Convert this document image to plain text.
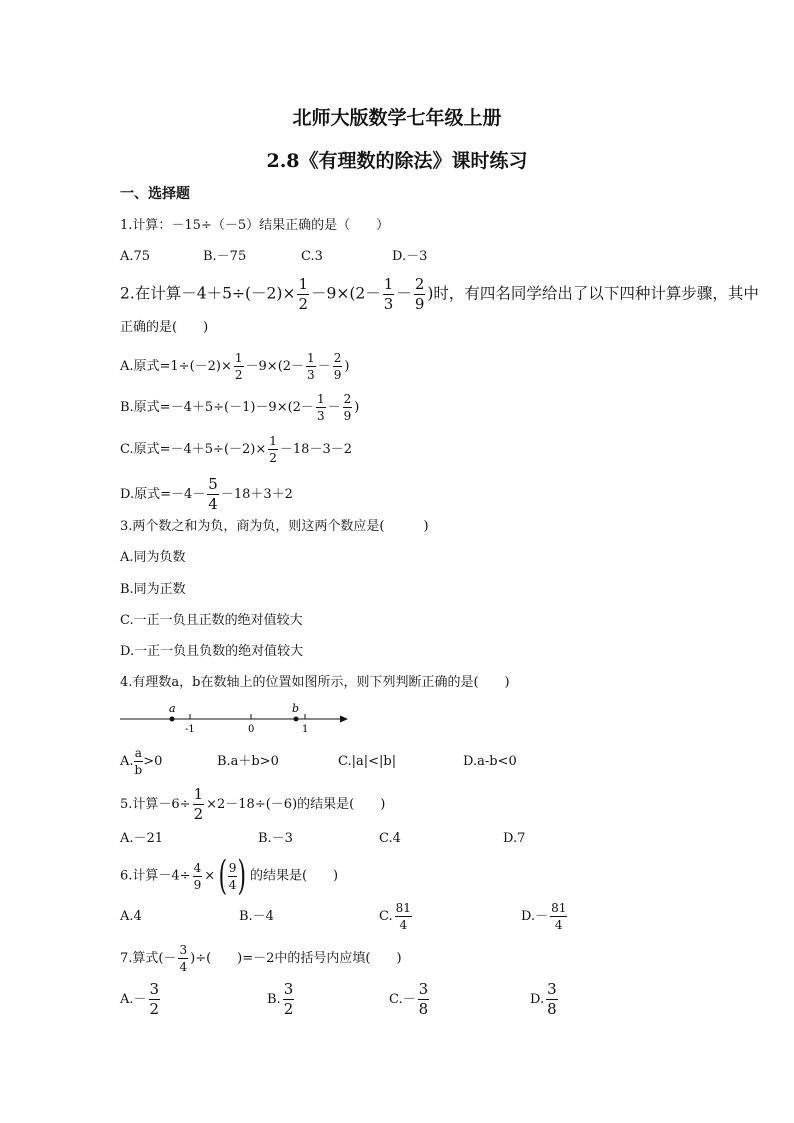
北师大版数学七年级上册
2.8《有理数的除法》课时练习
一、选择题
1.计算：－15÷（－5）结果正确的是（　　）
A.75	B.－75	C.3	D.－3
2.在计算$-4+5\div(-2)\times \frac{1}{2} -9\times(2- \frac{1}{3} - \frac{2}{9}$ )时，有四名同学给出了以下四种计算步骤，其中
正确的是(　　)
A.原式$=1\div(-2)\times \frac{1}{2} -9\times(2- \frac{1}{3} - \frac{2}{9}$ )
B.原式$=-4+5\div(-1)-9\times(2- \frac{1}{3} - \frac{2}{9}$ )
C.原式$=-4+5\div(-2)\times \frac{1}{2} -18-3-2$
D.原式$=-4- \frac{5}{4} -18+3+2$
3.两个数之和为负，商为负，则这两个数应是(　　　)
A.同为负数
B.同为正数
C.一正一负且正数的绝对值较大
D.一正一负且负数的绝对值较大
4.有理数a，b在数轴上的位置如图所示，则下列判断正确的是(　　)
a	b
-1	0	1
A. $\frac{a}{b} >0$	B.a＋b>0	C.|a|<|b|	D.a-b<0
5.计算$-6\div \frac{1}{2} \times 2-18\div(-6)$的结果是(　　)
A.－21	B.－3	C.4	D.7
6.计算$-4\div \frac{4}{9}$ ×( $\frac{9}{4}$ ) 的结果是(　　)
A.4	B.－4	C. $\frac{81}{4}$	$D.- \frac{81}{4}$
7.算式(－ $\frac{3}{4}$ )÷(　　)=－2中的括号内应填(　　)
$A.- \frac{3}{2}$	B. $\frac{3}{2}$	$C.- \frac{3}{8}$	D. $\frac{3}{8}$
